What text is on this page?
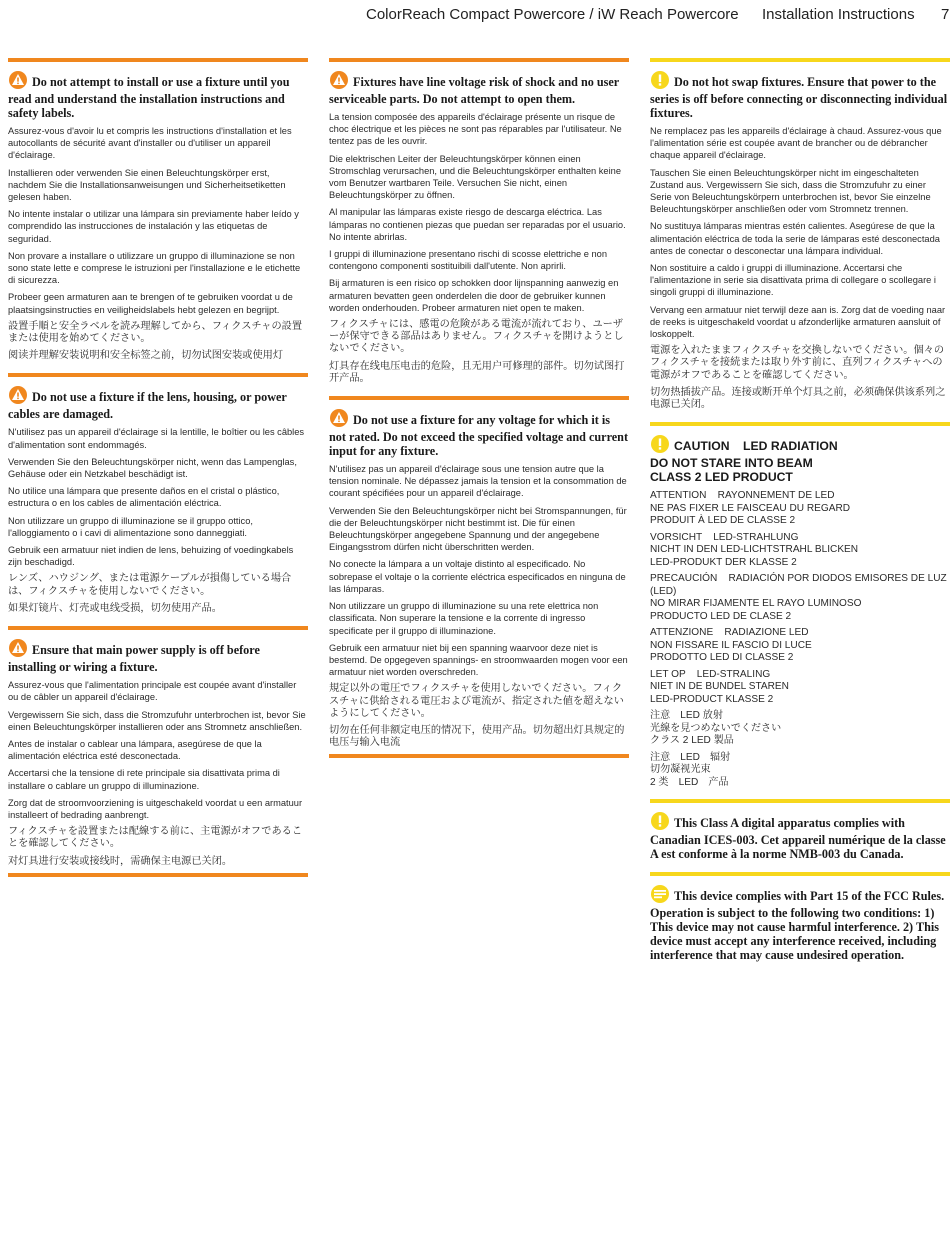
ColorReach Compact Powercore / iW Reach Powercore Installation Instructions 7
Do not attempt to install or use a fixture until you read and understand the installation instructions and safety labels.

Assurez-vous d'avoir lu et compris les instructions d'installation et les autocollants de sécurité avant d'installer ou d'utiliser un appareil d'éclairage.

Installieren oder verwenden Sie einen Beleuchtungskörper erst, nachdem Sie die Installationsanweisungen und Sicherheitsetiketten gelesen haben.

No intente instalar o utilizar una lámpara sin previamente haber leído y comprendido las instrucciones de instalación y las etiquetas de seguridad.

Non provare a installare o utilizzare un gruppo di illuminazione se non sono state lette e comprese le istruzioni per l'installazione e le etichette di sicurezza.

Probeer geen armaturen aan te brengen of te gebruiken voordat u de plaatsingsinstructies en veiligheidslabels hebt gelezen en begrijpt.

設置手順と安全ラベルを読み理解してから、フィクスチャの設置または使用を始めてください。

阅读并理解安装说明和安全标签之前，切勿试图安装或使用灯

Do not use a fixture if the lens, housing, or power cables are damaged.

N'utilisez pas un appareil d'éclairage si la lentille, le boîtier ou les câbles d'alimentation sont endommagés.

Verwenden Sie den Beleuchtungskörper nicht, wenn das Lampenglas, Gehäuse oder ein Netzkabel beschädigt ist.

No utilice una lámpara que presente daños en el cristal o plástico, estructura o en los cables de alimentación eléctrica.

Non utilizzare un gruppo di illuminazione se il gruppo ottico, l'alloggiamento o i cavi di alimentazione sono danneggiati.

Gebruik een armatuur niet indien de lens, behuizing of voedingkabels zijn beschadigd.

レンズ、ハウジング、または電源ケーブルが損傷している場合は、フィクスチャを使用しないでください。

如果灯镜片、灯壳或电线受损，切勿使用产品。

Ensure that main power supply is off before installing or wiring a fixture.

Assurez-vous que l'alimentation principale est coupée avant d'installer ou de câbler un appareil d'éclairage.

Vergewissern Sie sich, dass die Stromzufuhr unterbrochen ist, bevor Sie einen Beleuchtungskörper installieren oder ans Stromnetz anschließen.

Antes de instalar o cablear una lámpara, asegúrese de que la alimentación eléctrica esté desconectada.

Accertarsi che la tensione di rete principale sia disattivata prima di installare o cablare un gruppo di illuminazione.

Zorg dat de stroomvoorziening is uitgeschakeld voordat u een armatuur installeert of bedrading aanbrengt.

フィクスチャを設置または配線する前に、主電源がオフであることを確認してください。

对灯具进行安装或接线时，需确保主电源已关闭。

Fixtures have line voltage risk of shock and no user serviceable parts. Do not attempt to open them.

La tension composée des appareils d'éclairage présente un risque de choc électrique et les pièces ne sont pas réparables par l'utilisateur. Ne tentez pas de les ouvrir.

Die elektrischen Leiter der Beleuchtungskörper können einen Stromschlag verursachen, und die Beleuchtungskörper enthalten keine vom Benutzer wartbaren Teile. Versuchen Sie nicht, einen Beleuchtungskörper zu öffnen.

Al manipular las lámparas existe riesgo de descarga eléctrica. Las lámparas no contienen piezas que puedan ser reparadas por el usuario. No intente abrirlas.

I gruppi di illuminazione presentano rischi di scosse elettriche e non contengono componenti sostituibili dall'utente. Non aprirli.

Bij armaturen is een risico op schokken door lijnspanning aanwezig en armaturen bevatten geen onderdelen die door de gebruiker kunnen worden onderhouden. Probeer armaturen niet open te maken.

フィクスチャには、感電の危険がある電流が流れており、ユーザーが保守できる部品はありません。フィクスチャを開けようとしないでください。

灯具存在线电压电击的危险，且无用户可修理的部件。切勿试图打开产品。

Do not use a fixture for any voltage for which it is not rated. Do not exceed the specified voltage and current input for any fixture.

N'utilisez pas un appareil d'éclairage sous une tension autre que la tension nominale. Ne dépassez jamais la tension et la consommation de courant spécifiées pour un appareil d'éclairage.

Verwenden Sie den Beleuchtungskörper nicht bei Stromspannungen, für die der Beleuchtungskörper nicht bestimmt ist. Die für einen Beleuchtungskörper angegebene Spannung und der angegebene Eingangsstrom dürfen nicht überschritten werden.

No conecte la lámpara a un voltaje distinto al especificado. No sobrepase el voltaje o la corriente eléctrica especificados en ninguna de las lámparas.

Non utilizzare un gruppo di illuminazione su una rete elettrica non classificata. Non superare la tensione e la corrente di ingresso specificate per il gruppo di illuminazione.

Gebruik een armatuur niet bij een spanning waarvoor deze niet is bestemd. De opgegeven spannings- en stroomwaarden mogen voor een armatuur niet worden overschreden.

規定以外の電圧でフィクスチャを使用しないでください。フィクスチャに供給される電圧および電流が、指定された値を超えないようにしてください。

切勿在任何非额定电压的情况下，使用产品。切勿超出灯具规定的电压与输入电流

Do not hot swap fixtures. Ensure that power to the series is off before connecting or disconnecting individual fixtures.

Ne remplacez pas les appareils d'éclairage à chaud. Assurez-vous que l'alimentation série est coupée avant de brancher ou de débrancher chaque appareil d'éclairage.

Tauschen Sie einen Beleuchtungskörper nicht im eingeschalteten Zustand aus. Vergewissern Sie sich, dass die Stromzufuhr zu einer Serie von Beleuchtungskörpern unterbrochen ist, bevor Sie einzelne Beleuchtungskörper anschließen oder vom Stromnetz trennen.

No sustituya lámparas mientras estén calientes. Asegúrese de que la alimentación eléctrica de toda la serie de lámparas esté desconectada antes de conectar o desconectar una lámpara individual.

Non sostituire a caldo i gruppi di illuminazione. Accertarsi che l'alimentazione in serie sia disattivata prima di collegare o scollegare i singoli gruppi di illuminazione.

Vervang een armatuur niet terwijl deze aan is. Zorg dat de voeding naar de reeks is uitgeschakeld voordat u afzonderlijke armaturen aansluit of loskoppelt.

電源を入れたままフィクスチャを交換しないでください。個々のフィクスチャを接続または取り外す前に、直列フィクスチャへの電源がオフであることを確認してください。

切勿热插拔产品。连接或断开单个灯具之前，必须确保供该系列之电源已关闭。

CAUTION    LED RADIATION
DO NOT STARE INTO BEAM
CLASS 2 LED PRODUCT
ATTENTION    RAYONNEMENT DE LED
NE PAS FIXER LE FAISCEAU DU REGARD
PRODUIT À LED DE CLASSE 2
VORSICHT    LED-STRAHLUNG
NICHT IN DEN LED-LICHTSTRAHL BLICKEN
LED-PRODUKT DER KLASSE 2
PRECAUCIÓN    RADIACIÓN POR DIODOS EMISORES DE LUZ (LED)
NO MIRAR FIJAMENTE EL RAYO LUMINOSO
PRODUCTO LED DE CLASE 2
ATTENZIONE    RADIAZIONE LED
NON FISSARE IL FASCIO DI LUCE
PRODOTTO LED DI CLASSE 2
LET OP    LED-STRALING
NIET IN DE BUNDEL STAREN
LED-PRODUCT KLASSE 2
注意　LED 放射
光線を見つめないでください
クラス 2 LED 製品
注意　LED　辐射
切勿凝视光束
2 类　LED　产品
This Class A digital apparatus complies with Canadian ICES-003. Cet appareil numérique de la classe A est conforme à la norme NMB-003 du Canada.
This device complies with Part 15 of the FCC Rules. Operation is subject to the following two conditions: 1) This device may not cause harmful interference. 2) This device must accept any interference received, including interference that may cause undesired operation.
